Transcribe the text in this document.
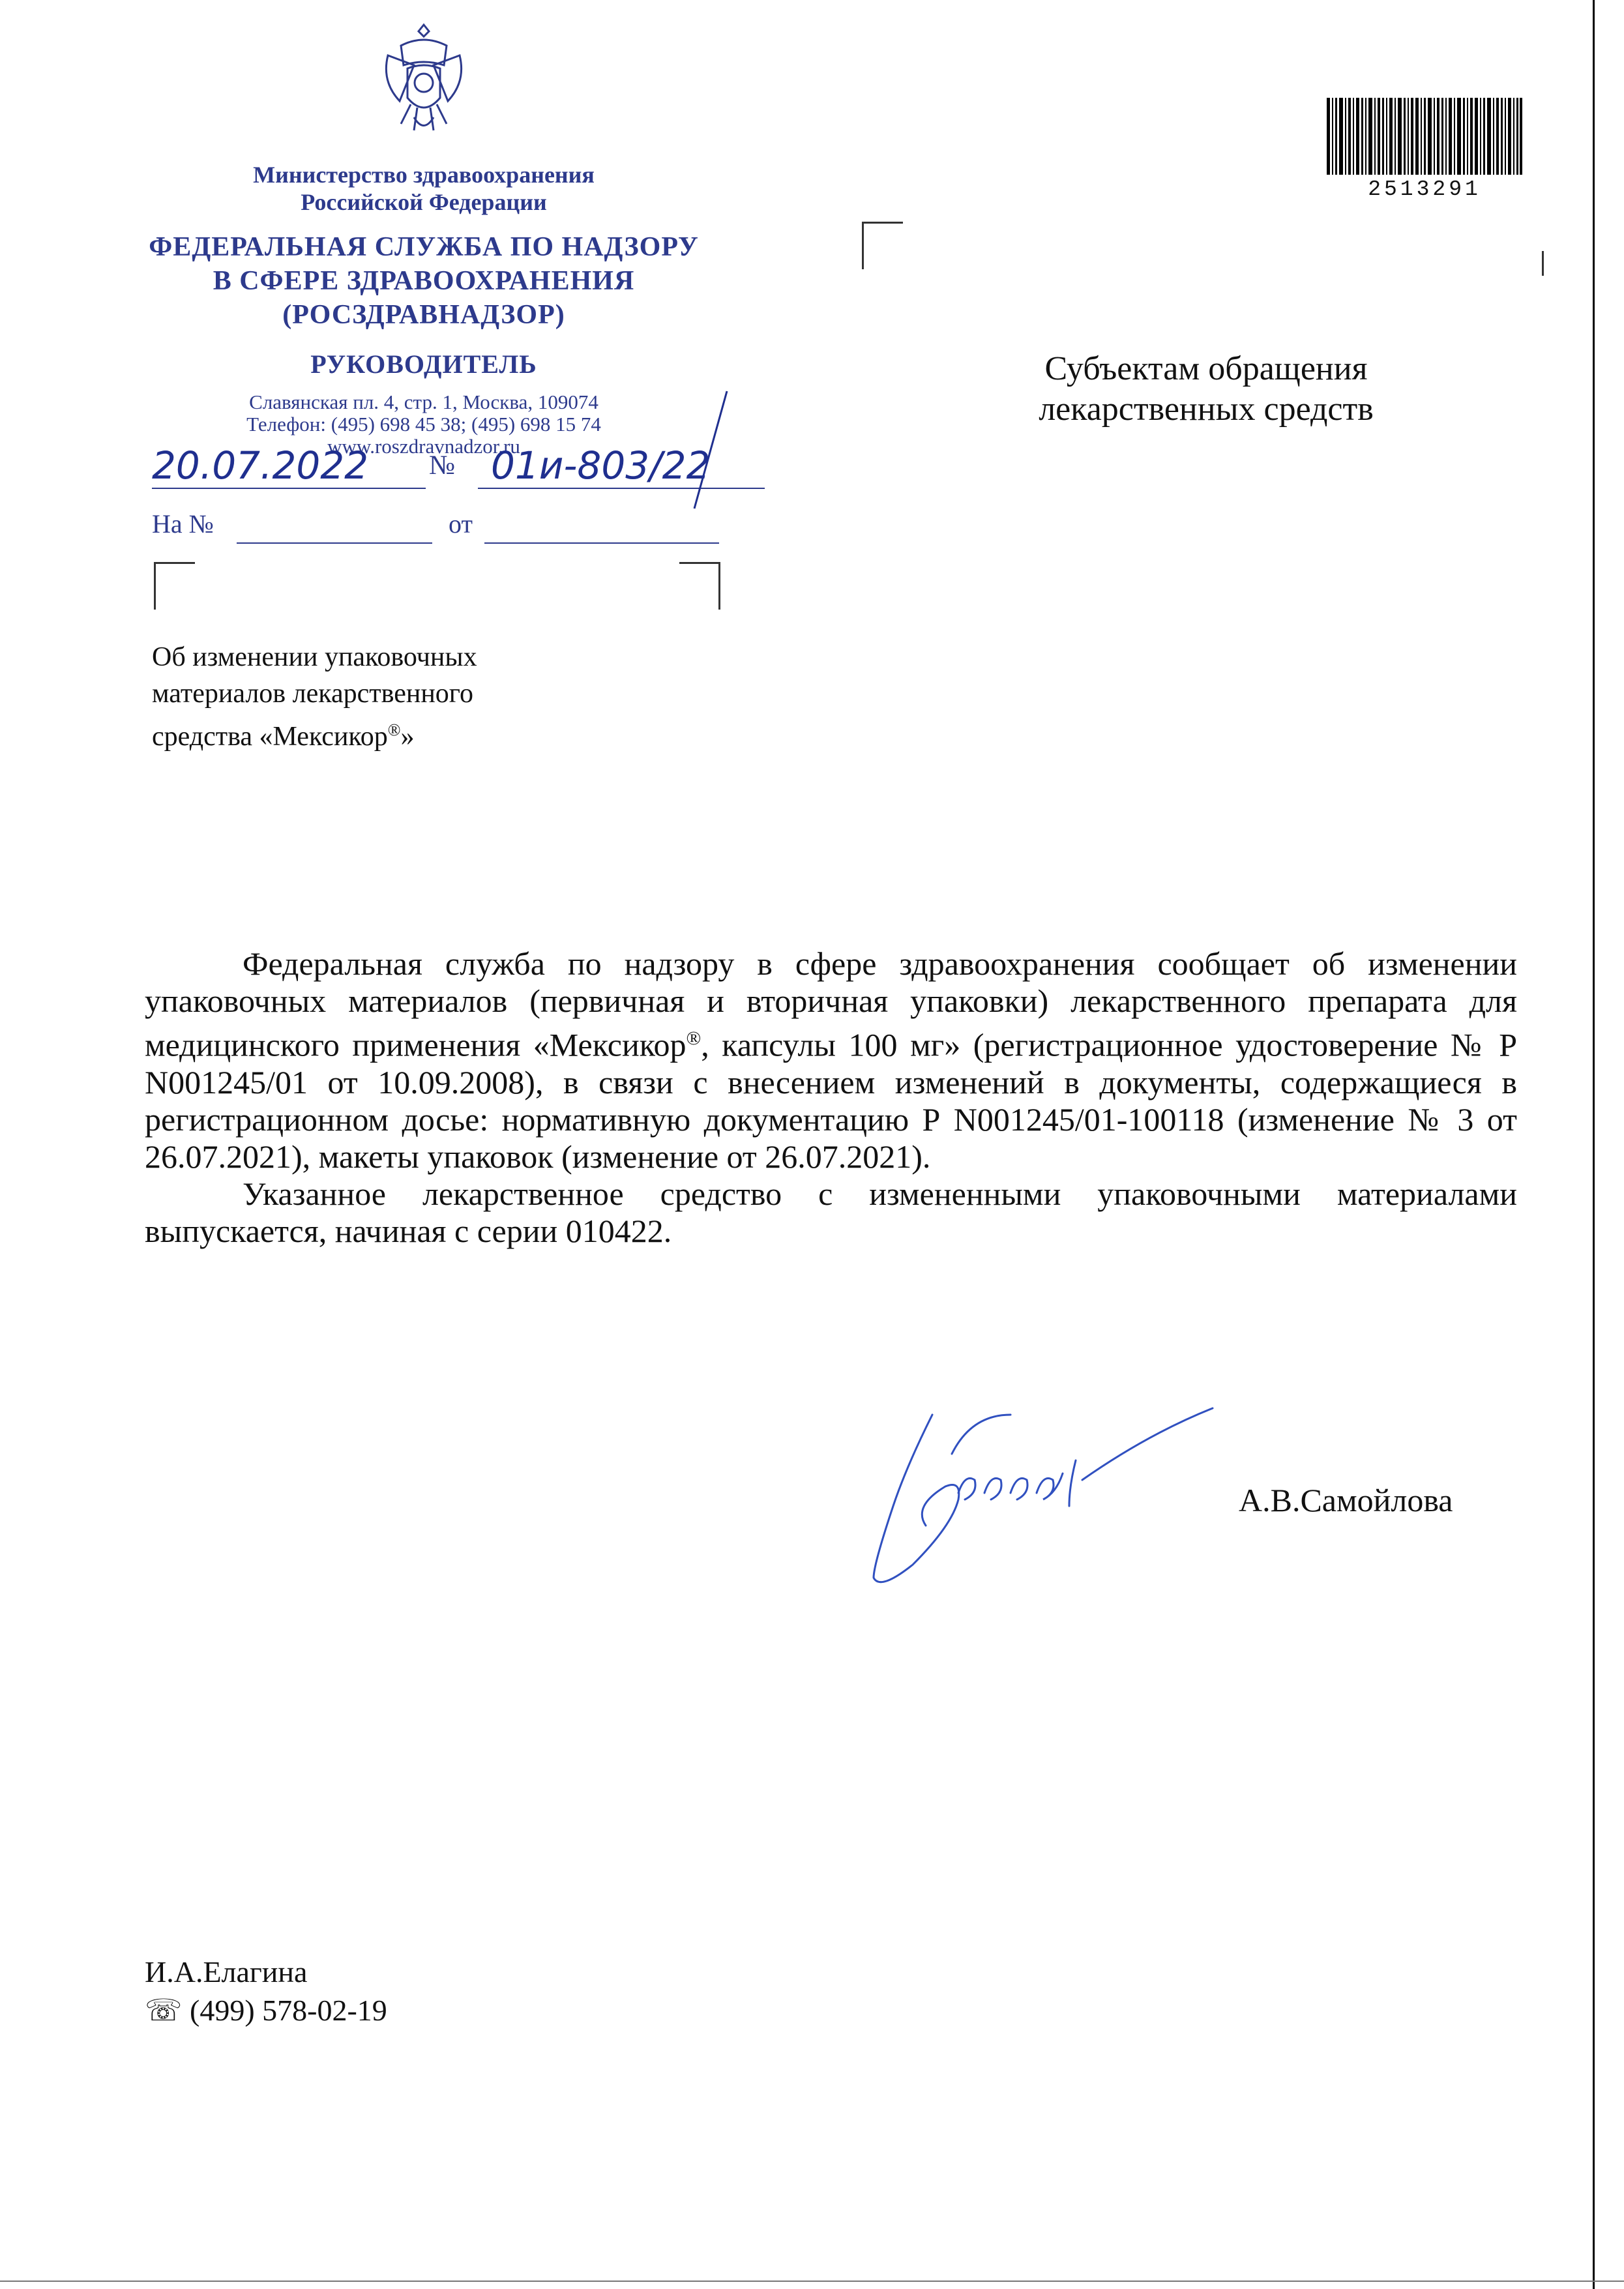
Министерство здравоохранения
Российской Федерации
ФЕДЕРАЛЬНАЯ СЛУЖБА ПО НАДЗОРУ
В СФЕРЕ ЗДРАВООХРАНЕНИЯ
(РОСЗДРАВНАДЗОР)
РУКОВОДИТЕЛЬ
Славянская пл. 4, стр. 1, Москва, 109074
Телефон: (495) 698 45 38; (495) 698 15 74
www.roszdravnadzor.ru
20.07.2022 № 01и-803/22
На №	от
2513291
Субъектам обращения
лекарственных средств
Об изменении упаковочных
материалов лекарственного
средства «Мексикор®»

Федеральная служба по надзору в сфере здравоохранения сообщает об изменении упаковочных материалов (первичная и вторичная упаковки) лекарственного препарата для медицинского применения «Мексикор®, капсулы 100 мг» (регистрационное удостоверение № Р N001245/01 от 10.09.2008), в связи с внесением изменений в документы, содержащиеся в регистрационном досье: нормативную документацию Р N001245/01-100118 (изменение № 3 от 26.07.2021), макеты упаковок (изменение от 26.07.2021).

Указанное лекарственное средство с измененными упаковочными материалами выпускается, начиная с серии 010422.

А.В.Самойлова
И.А.Елагина
☏ (499) 578-02-19
